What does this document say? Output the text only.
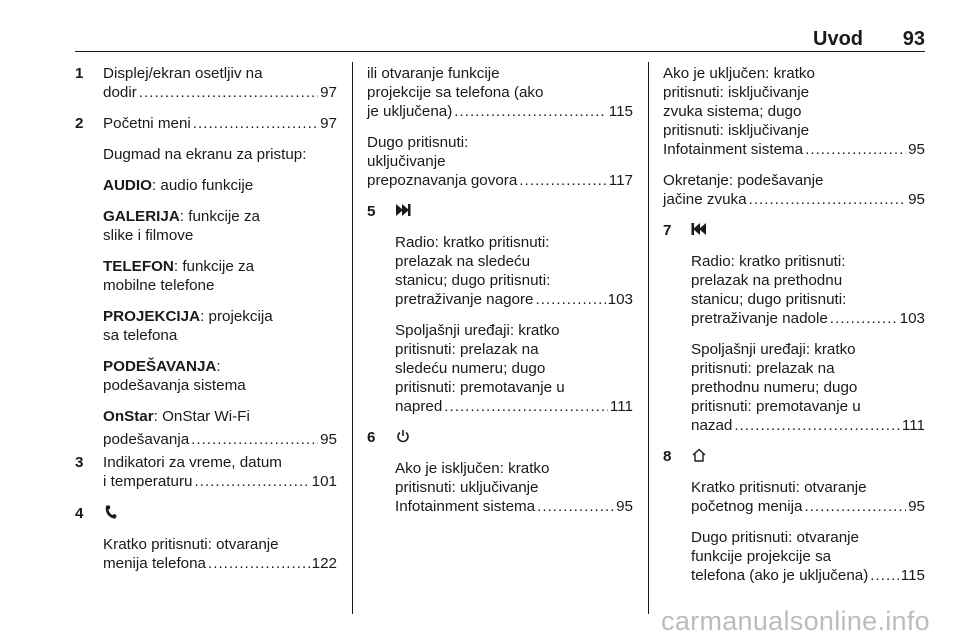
Uvod 93
1 Displej/ekran osetljiv na
dodir .....	97
2 Početni meni .....	97
Dugmad na ekranu za pristup:
AUDIO: audio funkcije
GALERIJA: funkcije za
slike i filmove
TELEFON: funkcije za
mobilne telefone
PROJEKCIJA: projekcija
sa telefona
PODEŠAVANJA:
podešavanja sistema
OnStar: OnStar Wi-Fi
podešavanja .....	95
3 Indikatori za vreme, datum
i temperaturu .....	101
4
Kratko pritisnuti: otvaranje
menija telefona .....	122
ili otvaranje funkcije
projekcije sa telefona (ako
je uključena) .....	115
Dugo pritisnuti:
uključivanje
prepoznavanja govora .....	117
5
Radio: kratko pritisnuti:
prelazak na sledeću
stanicu; dugo pritisnuti:
pretraživanje nagore .....	103
Spoljašnji uređaji: kratko
pritisnuti: prelazak na
sledeću numeru; dugo
pritisnuti: premotavanje u
napred .....	111
6
Ako je isključen: kratko
pritisnuti: uključivanje
Infotainment sistema .....	95
Ako je uključen: kratko
pritisnuti: isključivanje
zvuka sistema; dugo
pritisnuti: isključivanje
Infotainment sistema .....	95
Okretanje: podešavanje
jačine zvuka .....	95
7
Radio: kratko pritisnuti:
prelazak na prethodnu
stanicu; dugo pritisnuti:
pretraživanje nadole .....	103
Spoljašnji uređaji: kratko
pritisnuti: prelazak na
prethodnu numeru; dugo
pritisnuti: premotavanje u
nazad .....	111
8
Kratko pritisnuti: otvaranje
početnog menija .....	95
Dugo pritisnuti: otvaranje
funkcije projekcije sa
telefona (ako je uključena) ..... 115
carmanualsonline.info
